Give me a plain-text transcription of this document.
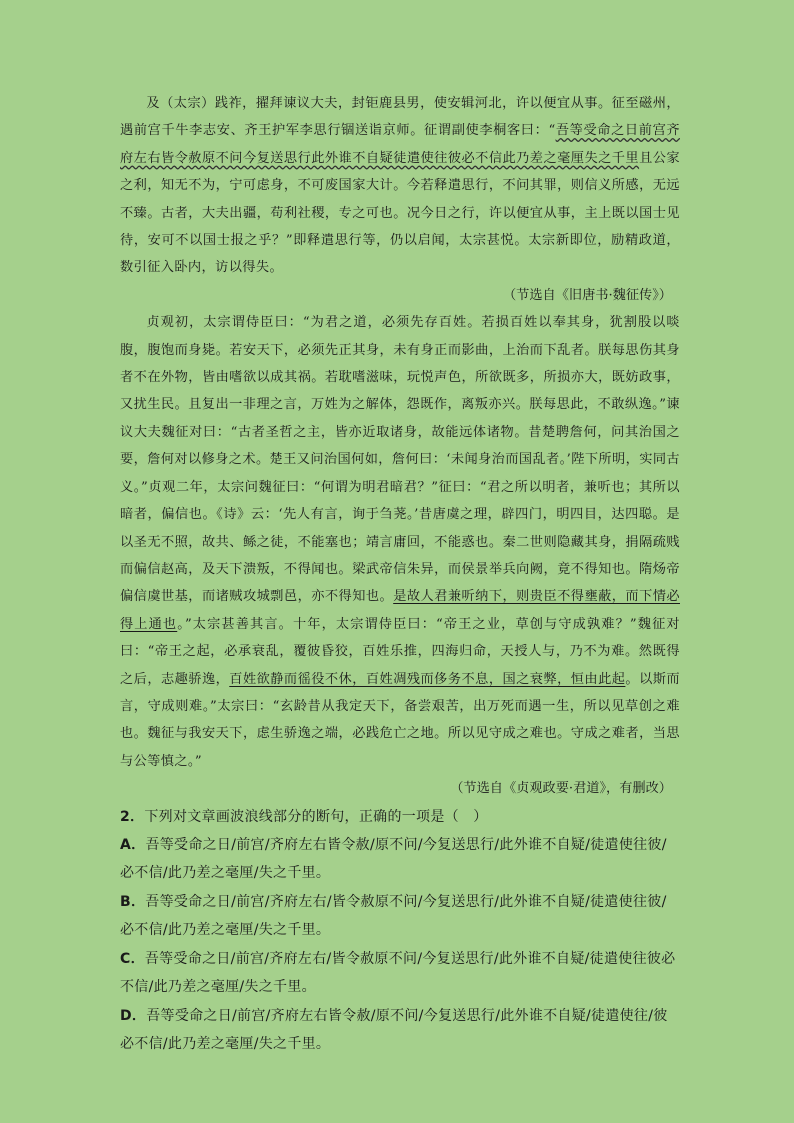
及（太宗）践祚，擢拜谏议大夫，封钜鹿县男，使安辑河北，许以便宜从事。征至磁州，遇前宫千牛李志安、齐王护军李思行锢送诣京师。征谓副使李桐客曰：“吾等受命之日前宫齐府左右皆令赦原不问今复送思行此外谁不自疑徒遣使往彼必不信此乃差之毫厘失之千里且公家之利，知无不为，宁可虑身，不可废国家大计。今若释遣思行，不问其罪，则信义所感，无远不臻。古者，大夫出疆，苟利社稷，专之可也。况今日之行，许以便宜从事，主上既以国士见待，安可不以国士报之乎？”即释遣思行等，仍以启闻，太宗甚悦。太宗新即位，励精政道，数引征入卧内，访以得失。

（节选自《旧唐书·魏征传》）

贞观初，太宗谓侍臣曰：“为君之道，必须先存百姓。若损百姓以奉其身，犹割股以啖腹，腹饱而身毙。若安天下，必须先正其身，未有身正而影曲，上治而下乱者。朕每思伤其身者不在外物，皆由嗜欲以成其祸。若耽嗜滋味，玩悦声色，所欲既多，所损亦大，既妨政事，又扰生民。且复出一非理之言，万姓为之解体，怨既作，离叛亦兴。朕每思此，不敢纵逸。”谏议大夫魏征对曰：“古者圣哲之主，皆亦近取诸身，故能远体诸物。昔楚聘詹何，问其治国之要，詹何对以修身之术。楚王又问治国何如，詹何曰：‘未闻身治而国乱者。’陛下所明，实同古义。”贞观二年，太宗问魏征曰：“何谓为明君暗君？”征曰：“君之所以明者，兼听也；其所以暗者，偏信也。《诗》云：‘先人有言，询于刍荛。’昔唐虞之理，辟四门，明四目，达四聪。是以圣无不照，故共、鲧之徒，不能塞也；靖言庸回，不能惑也。秦二世则隐藏其身，捐隔疏贱而偏信赵高，及天下溃叛，不得闻也。梁武帝信朱异，而侯景举兵向阙，竟不得知也。隋炀帝偏信虞世基，而诸贼攻城剽邑，亦不得知也。是故人君兼听纳下，则贵臣不得壅蔽，而下情必得上通也。”太宗甚善其言。十年，太宗谓侍臣曰：“帝王之业，草创与守成孰难？”魏征对曰：“帝王之起，必承衰乱，覆彼昏狡，百姓乐推，四海归命，天授人与，乃不为难。然既得之后，志趣骄逸，百姓欲静而徭役不休，百姓凋残而侈务不息，国之衰弊，恒由此起。以斯而言，守成则难。”太宗曰：“玄龄昔从我定天下，备尝艰苦，出万死而遇一生，所以见草创之难也。魏征与我安天下，虑生骄逸之端，必践危亡之地。所以见守成之难也。守成之难者，当思与公等慎之。”

（节选自《贞观政要·君道》，有删改）

2．下列对文章画波浪线部分的断句，正确的一项是（　）

A．吾等受命之日/前宫/齐府左右皆令赦/原不问/今复送思行/此外谁不自疑/徒遣使往彼/必不信/此乃差之毫厘/失之千里。

B．吾等受命之日/前宫/齐府左右/皆令赦原不问/今复送思行/此外谁不自疑/徒遣使往彼/必不信/此乃差之毫厘/失之千里。

C．吾等受命之日/前宫/齐府左右/皆令赦原不问/今复送思行/此外谁不自疑/徒遣使往彼必不信/此乃差之毫厘/失之千里。

D．吾等受命之日/前宫/齐府左右皆令赦/原不问/今复送思行/此外谁不自疑/徒遣使往/彼必不信/此乃差之毫厘/失之千里。
